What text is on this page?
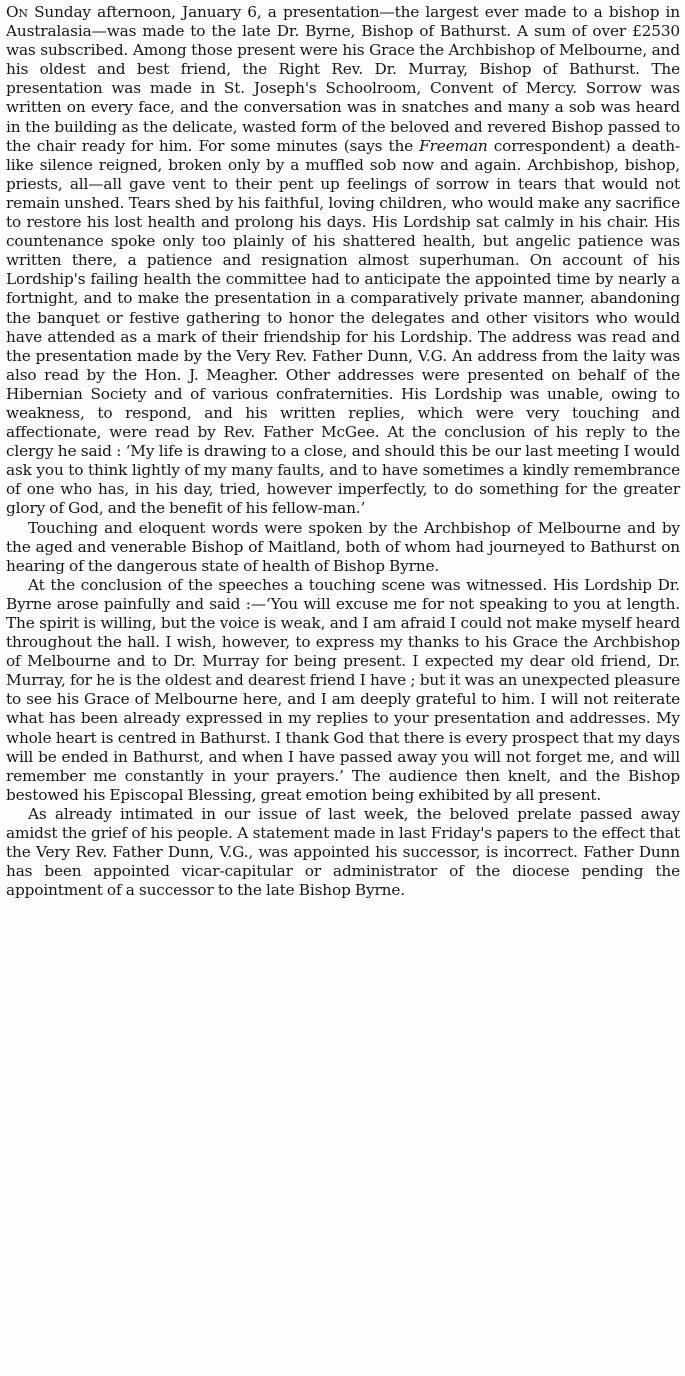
On Sunday afternoon, January 6, a presentation—the largest ever made to a bishop in Australasia—was made to the late Dr. Byrne, Bishop of Bathurst. A sum of over £2530 was subscribed. Among those present were his Grace the Archbishop of Melbourne, and his oldest and best friend, the Right Rev. Dr. Murray, Bishop of Bathurst. The presentation was made in St. Joseph's Schoolroom, Convent of Mercy. Sorrow was written on every face, and the conversation was in snatches and many a sob was heard in the building as the delicate, wasted form of the beloved and revered Bishop passed to the chair ready for him. For some minutes (says the Freeman correspondent) a death-like silence reigned, broken only by a muffled sob now and again. Archbishop, bishop, priests, all—all gave vent to their pent up feelings of sorrow in tears that would not remain unshed. Tears shed by his faithful, loving children, who would make any sacrifice to restore his lost health and prolong his days. His Lordship sat calmly in his chair. His countenance spoke only too plainly of his shattered health, but angelic patience was written there, a patience and resignation almost superhuman. On account of his Lordship's failing health the committee had to anticipate the appointed time by nearly a fortnight, and to make the presentation in a comparatively private manner, abandoning the banquet or festive gathering to honor the delegates and other visitors who would have attended as a mark of their friendship for his Lordship. The address was read and the presentation made by the Very Rev. Father Dunn, V.G. An address from the laity was also read by the Hon. J. Meagher. Other addresses were presented on behalf of the Hibernian Society and of various confraternities. His Lordship was unable, owing to weakness, to respond, and his written replies, which were very touching and affectionate, were read by Rev. Father McGee. At the conclusion of his reply to the clergy he said : ‘My life is drawing to a close, and should this be our last meeting I would ask you to think lightly of my many faults, and to have sometimes a kindly remembrance of one who has, in his day, tried, however imperfectly, to do something for the greater glory of God, and the benefit of his fellow-man.’

Touching and eloquent words were spoken by the Archbishop of Melbourne and by the aged and venerable Bishop of Maitland, both of whom had journeyed to Bathurst on hearing of the dangerous state of health of Bishop Byrne.

At the conclusion of the speeches a touching scene was witnessed. His Lordship Dr. Byrne arose painfully and said :—‘You will excuse me for not speaking to you at length. The spirit is willing, but the voice is weak, and I am afraid I could not make myself heard throughout the hall. I wish, however, to express my thanks to his Grace the Archbishop of Melbourne and to Dr. Murray for being present. I expected my dear old friend, Dr. Murray, for he is the oldest and dearest friend I have ; but it was an unexpected pleasure to see his Grace of Melbourne here, and I am deeply grateful to him. I will not reiterate what has been already expressed in my replies to your presentation and addresses. My whole heart is centred in Bathurst. I thank God that there is every prospect that my days will be ended in Bathurst, and when I have passed away you will not forget me, and will remember me constantly in your prayers.’ The audience then knelt, and the Bishop bestowed his Episcopal Blessing, great emotion being exhibited by all present.

As already intimated in our issue of last week, the beloved prelate passed away amidst the grief of his people. A statement made in last Friday's papers to the effect that the Very Rev. Father Dunn, V.G., was appointed his successor, is incorrect. Father Dunn has been appointed vicar-capitular or administrator of the diocese pending the appointment of a successor to the late Bishop Byrne.
